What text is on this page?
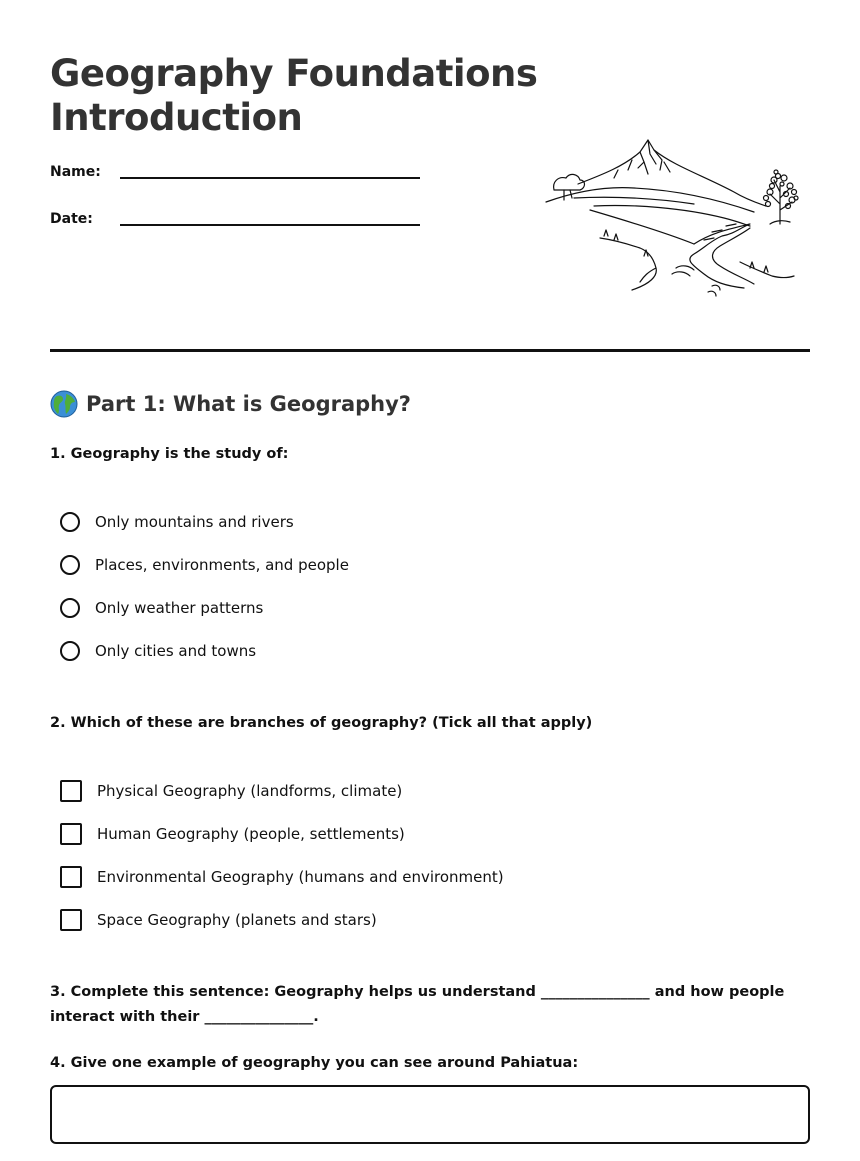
Geography Foundations
Introduction
Name:
Date:
Part 1: What is Geography?
1. Geography is the study of:
Only mountains and rivers
Places, environments, and people
Only weather patterns
Only cities and towns
2. Which of these are branches of geography? (Tick all that apply)
Physical Geography (landforms, climate)
Human Geography (people, settlements)
Environmental Geography (humans and environment)
Space Geography (planets and stars)
3. Complete this sentence: Geography helps us understand _______________ and how people interact with their _______________.
4. Give one example of geography you can see around Pahiatua:
